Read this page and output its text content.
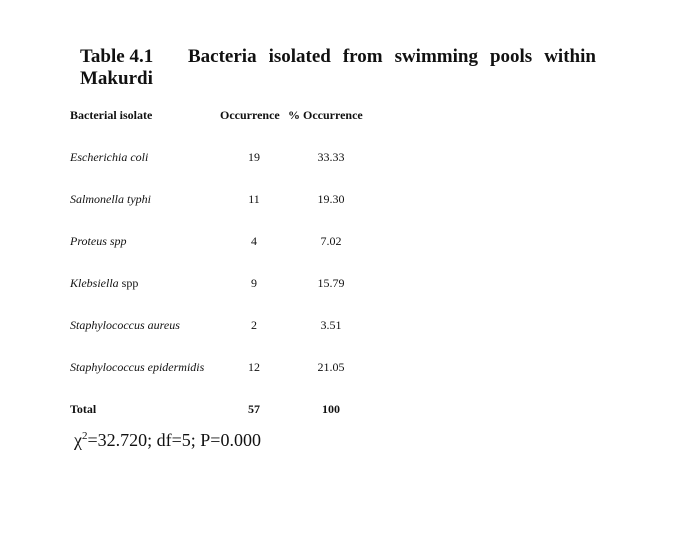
Table 4.1	Bacteria isolated from swimming pools within
Makurdi
Bacterial isolate	Occurrence	% Occurrence

Escherichia coli	19	33.33
Salmonella typhi	11	19.30
Proteus spp	4	7.02
Klebsiella spp	9	15.79
Staphylococcus aureus	2	3.51
Staphylococcus epidermidis	12	21.05
Total	57	100
$\chi^2=32.720$; df=5; P=0.000
